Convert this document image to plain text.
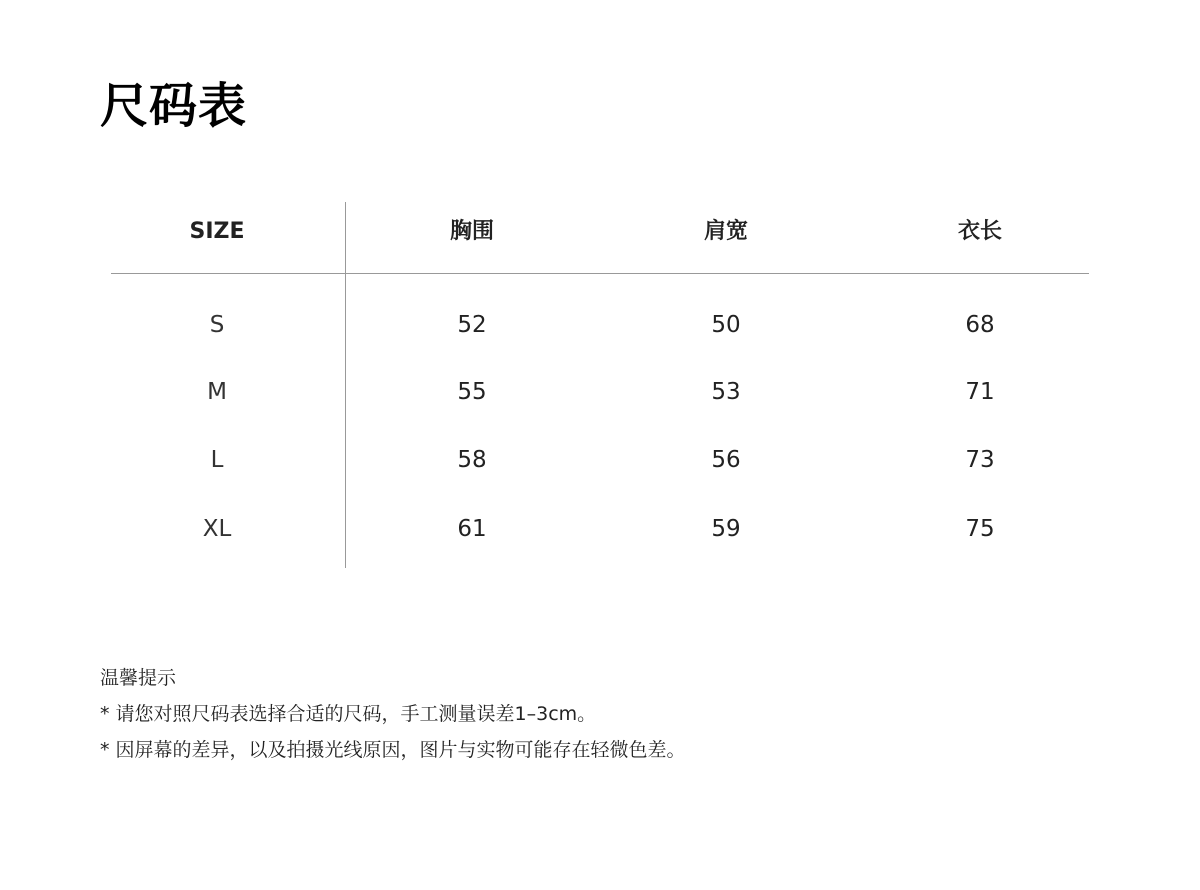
尺码表
SIZE	胸围	肩宽	衣长
S	52	50	68
M	55	53	71
L	58	56	73
XL	61	59	75
温馨提示
* 请您对照尺码表选择合适的尺码，手工测量误差1–3cm。
* 因屏幕的差异，以及拍摄光线原因，图片与实物可能存在轻微色差。
